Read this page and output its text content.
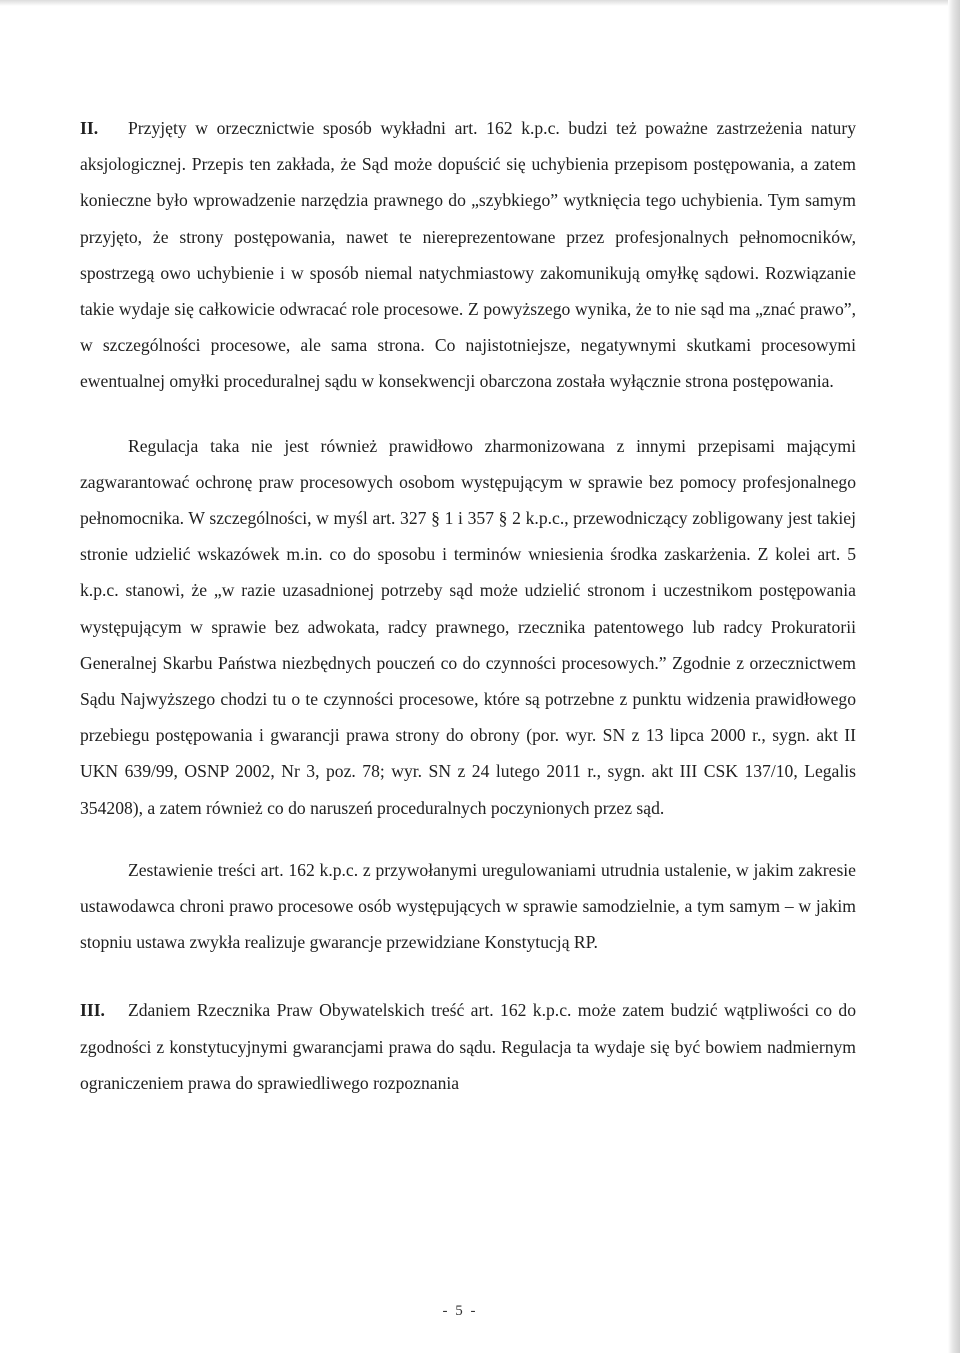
II. Przyjęty w orzecznictwie sposób wykładni art. 162 k.p.c. budzi też poważne zastrzeżenia natury aksjologicznej. Przepis ten zakłada, że Sąd może dopuścić się uchybienia przepisom postępowania, a zatem konieczne było wprowadzenie narzędzia prawnego do „szybkiego” wytknięcia tego uchybienia. Tym samym przyjęto, że strony postępowania, nawet te niereprezentowane przez profesjonalnych pełnomocników, spostrzegą owo uchybienie i w sposób niemal natychmiastowy zakomunikują omyłkę sądowi. Rozwiązanie takie wydaje się całkowicie odwracać role procesowe. Z powyższego wynika, że to nie sąd ma „znać prawo”, w szczególności procesowe, ale sama strona. Co najistotniejsze, negatywnymi skutkami procesowymi ewentualnej omyłki proceduralnej sądu w konsekwencji obarczona została wyłącznie strona postępowania.

Regulacja taka nie jest również prawidłowo zharmonizowana z innymi przepisami mającymi zagwarantować ochronę praw procesowych osobom występującym w sprawie bez pomocy profesjonalnego pełnomocnika. W szczególności, w myśl art. 327 § 1 i 357 § 2 k.p.c., przewodniczący zobligowany jest takiej stronie udzielić wskazówek m.in. co do sposobu i terminów wniesienia środka zaskarżenia. Z kolei art. 5 k.p.c. stanowi, że „w razie uzasadnionej potrzeby sąd może udzielić stronom i uczestnikom postępowania występującym w sprawie bez adwokata, radcy prawnego, rzecznika patentowego lub radcy Prokuratorii Generalnej Skarbu Państwa niezbędnych pouczeń co do czynności procesowych.” Zgodnie z orzecznictwem Sądu Najwyższego chodzi tu o te czynności procesowe, które są potrzebne z punktu widzenia prawidłowego przebiegu postępowania i gwarancji prawa strony do obrony (por. wyr. SN z 13 lipca 2000 r., sygn. akt II UKN 639/99, OSNP 2002, Nr 3, poz. 78; wyr. SN z 24 lutego 2011 r., sygn. akt III CSK 137/10, Legalis 354208), a zatem również co do naruszeń proceduralnych poczynionych przez sąd.

Zestawienie treści art. 162 k.p.c. z przywołanymi uregulowaniami utrudnia ustalenie, w jakim zakresie ustawodawca chroni prawo procesowe osób występujących w sprawie samodzielnie, a tym samym – w jakim stopniu ustawa zwykła realizuje gwarancje przewidziane Konstytucją RP.

III. Zdaniem Rzecznika Praw Obywatelskich treść art. 162 k.p.c. może zatem budzić wątpliwości co do zgodności z konstytucyjnymi gwarancjami prawa do sądu. Regulacja ta wydaje się być bowiem nadmiernym ograniczeniem prawa do sprawiedliwego rozpoznania

- 5 -
